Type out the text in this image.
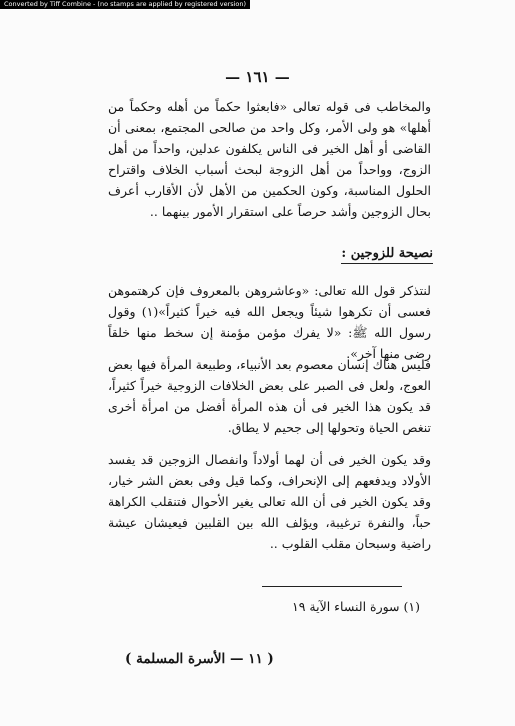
Converted by Tiff Combine - (no stamps are applied by registered version)
— ١٦١ —

والمخاطب فى قوله تعالى «فابعثوا حكماً من أهله وحكماً من أهلها» هو ولى الأمر، وكل واحد من صالحى المجتمع، بمعنى أن القاضى أو أهل الخير فى الناس يكلفون عدلين، واحداً من أهل الزوج، وواحداً من أهل الزوجة لبحث أسباب الخلاف واقتراح الحلول المناسبة، وكون الحكمين من الأهل لأن الأقارب أعرف بحال الزوجين وأشد حرصاً على استقرار الأمور بينهما ..

نصيحة للزوجين :

لنتذكر قول الله تعالى: «وعاشروهن بالمعروف فإن كرهتموهن فعسى أن تكرهوا شيئاً ويجعل الله فيه خيراً كثيراً»(١) وقول رسول الله ﷺ: «لا يفرك مؤمن مؤمنة إن سخط منها خلقاً رضى منها آخر».

فليس هناك إنسان معصوم بعد الأنبياء، وطبيعة المرأة فيها بعض العوج، ولعل فى الصبر على بعض الخلافات الزوجية خيراً كثيراً، قد يكون هذا الخير فى أن هذه المرأة أفضل من امرأة أخرى تنغص الحياة وتحولها إلى جحيم لا يطاق.

وقد يكون الخير فى أن لهما أولاداً وانفصال الزوجين قد يفسد الأولاد ويدفعهم إلى الإنحراف، وكما قيل وفى بعض الشر خيار، وقد يكون الخير فى أن الله تعالى يغير الأحوال فتنقلب الكراهة حباً، والنفرة ترغيبة، ويؤلف الله بين القلبين فيعيشان عيشة راضية وسبحان مقلب القلوب ..

(١) سورة النساء الآية ١٩
( ١١ — الأسرة المسلمة )
